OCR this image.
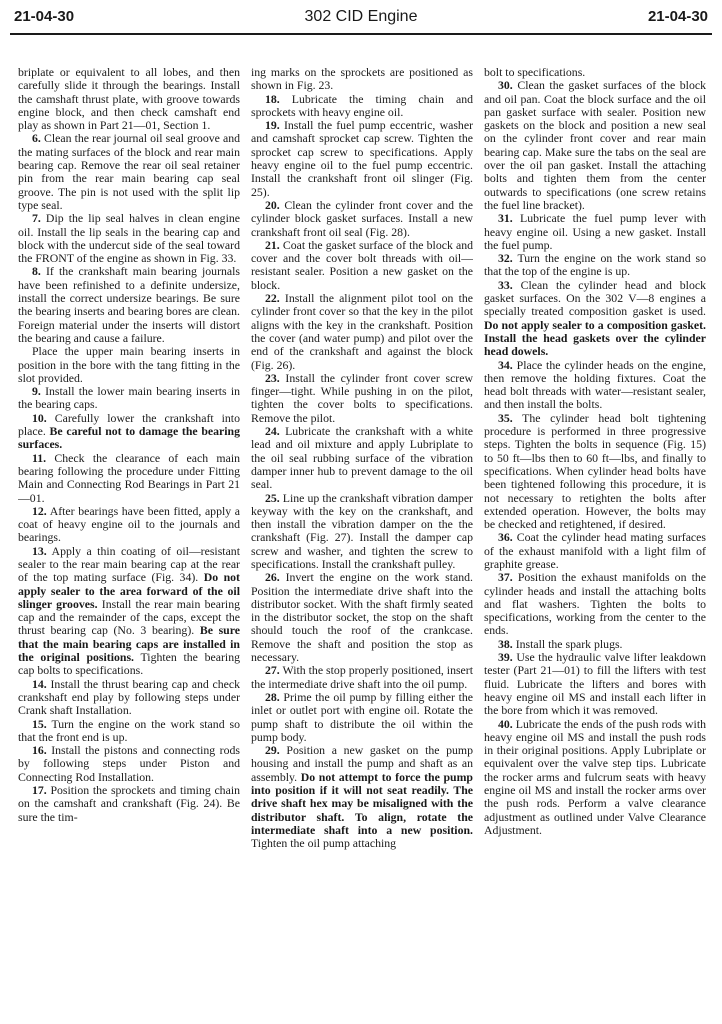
21-04-30	302 CID Engine	21-04-30

briplate or equivalent to all lobes, and then carefully slide it through the bearings. Install the camshaft thrust plate, with groove towards engine block, and then check camshaft end play as shown in Part 21—01, Section 1.

6. Clean the rear journal oil seal groove and the mating surfaces of the block and rear main bearing cap. Remove the rear oil seal retainer pin from the rear main bearing cap seal groove. The pin is not used with the split lip type seal.

7. Dip the lip seal halves in clean engine oil. Install the lip seals in the bearing cap and block with the undercut side of the seal toward the FRONT of the engine as shown in Fig. 33.

8. If the crankshaft main bearing journals have been refinished to a definite undersize, install the correct undersize bearings. Be sure the bearing inserts and bearing bores are clean. Foreign material under the inserts will distort the bearing and cause a failure.

Place the upper main bearing inserts in position in the bore with the tang fitting in the slot provided.

9. Install the lower main bearing inserts in the bearing caps.

10. Carefully lower the crankshaft into place. Be careful not to damage the bearing surfaces.

11. Check the clearance of each main bearing following the procedure under Fitting Main and Connecting Rod Bearings in Part 21—01.

12. After bearings have been fitted, apply a coat of heavy engine oil to the journals and bearings.

13. Apply a thin coating of oil—resistant sealer to the rear main bearing cap at the rear of the top mating surface (Fig. 34). Do not apply sealer to the area forward of the oil slinger grooves. Install the rear main bearing cap and the remainder of the caps, except the thrust bearing cap (No. 3 bearing). Be sure that the main bearing caps are installed in the original positions. Tighten the bearing cap bolts to specifications.

14. Install the thrust bearing cap and check crankshaft end play by following steps under Crank shaft Installation.

15. Turn the engine on the work stand so that the front end is up.

16. Install the pistons and connecting rods by following steps under Piston and Connecting Rod Installation.

17. Position the sprockets and timing chain on the camshaft and crankshaft (Fig. 24). Be sure the tim-

ing marks on the sprockets are positioned as shown in Fig. 23.

18. Lubricate the timing chain and sprockets with heavy engine oil.

19. Install the fuel pump eccentric, washer and camshaft sprocket cap screw. Tighten the sprocket cap screw to specifications. Apply heavy engine oil to the fuel pump eccentric. Install the crankshaft front oil slinger (Fig. 25).

20. Clean the cylinder front cover and the cylinder block gasket surfaces. Install a new crankshaft front oil seal (Fig. 28).

21. Coat the gasket surface of the block and cover and the cover bolt threads with oil—resistant sealer. Position a new gasket on the block.

22. Install the alignment pilot tool on the cylinder front cover so that the key in the pilot aligns with the key in the crankshaft. Position the cover (and water pump) and pilot over the end of the crankshaft and against the block (Fig. 26).

23. Install the cylinder front cover screw finger—tight. While pushing in on the pilot, tighten the cover bolts to specifications. Remove the pilot.

24. Lubricate the crankshaft with a white lead and oil mixture and apply Lubriplate to the oil seal rubbing surface of the vibration damper inner hub to prevent damage to the oil seal.

25. Line up the crankshaft vibration damper keyway with the key on the crankshaft, and then install the vibration damper on the the crankshaft (Fig. 27). Install the damper cap screw and washer, and tighten the screw to specifications. Install the crankshaft pulley.

26. Invert the engine on the work stand. Position the intermediate drive shaft into the distributor socket. With the shaft firmly seated in the distributor socket, the stop on the shaft should touch the roof of the crankcase. Remove the shaft and position the stop as necessary.

27. With the stop properly positioned, insert the intermediate drive shaft into the oil pump.

28. Prime the oil pump by filling either the inlet or outlet port with engine oil. Rotate the pump shaft to distribute the oil within the pump body.

29. Position a new gasket on the pump housing and install the pump and shaft as an assembly. Do not attempt to force the pump into position if it will not seat readily. The drive shaft hex may be misaligned with the distributor shaft. To align, rotate the intermediate shaft into a new position. Tighten the oil pump attaching

bolt to specifications.

30. Clean the gasket surfaces of the block and oil pan. Coat the block surface and the oil pan gasket surface with sealer. Position new gaskets on the block and position a new seal on the cylinder front cover and rear main bearing cap. Make sure the tabs on the seal are over the oil pan gasket. Install the attaching bolts and tighten them from the center outwards to specifications (one screw retains the fuel line bracket).

31. Lubricate the fuel pump lever with heavy engine oil. Using a new gasket. Install the fuel pump.

32. Turn the engine on the work stand so that the top of the engine is up.

33. Clean the cylinder head and block gasket surfaces. On the 302 V—8 engines a specially treated composition gasket is used. Do not apply sealer to a composition gasket. Install the head gaskets over the cylinder head dowels.

34. Place the cylinder heads on the engine, then remove the holding fixtures. Coat the head bolt threads with water—resistant sealer, and then install the bolts.

35. The cylinder head bolt tightening procedure is performed in three progressive steps. Tighten the bolts in sequence (Fig. 15) to 50 ft—lbs then to 60 ft—lbs, and finally to specifications. When cylinder head bolts have been tightened following this procedure, it is not necessary to retighten the bolts after extended operation. However, the bolts may be checked and retightened, if desired.

36. Coat the cylinder head mating surfaces of the exhaust manifold with a light film of graphite grease.

37. Position the exhaust manifolds on the cylinder heads and install the attaching bolts and flat washers. Tighten the bolts to specifications, working from the center to the ends.

38. Install the spark plugs.

39. Use the hydraulic valve lifter leakdown tester (Part 21—01) to fill the lifters with test fluid. Lubricate the lifters and bores with heavy engine oil MS and install each lifter in the bore from which it was removed.

40. Lubricate the ends of the push rods with heavy engine oil MS and install the push rods in their original positions. Apply Lubriplate or equivalent over the valve step tips. Lubricate the rocker arms and fulcrum seats with heavy engine oil MS and install the rocker arms over the push rods. Perform a valve clearance adjustment as outlined under Valve Clearance Adjustment.
